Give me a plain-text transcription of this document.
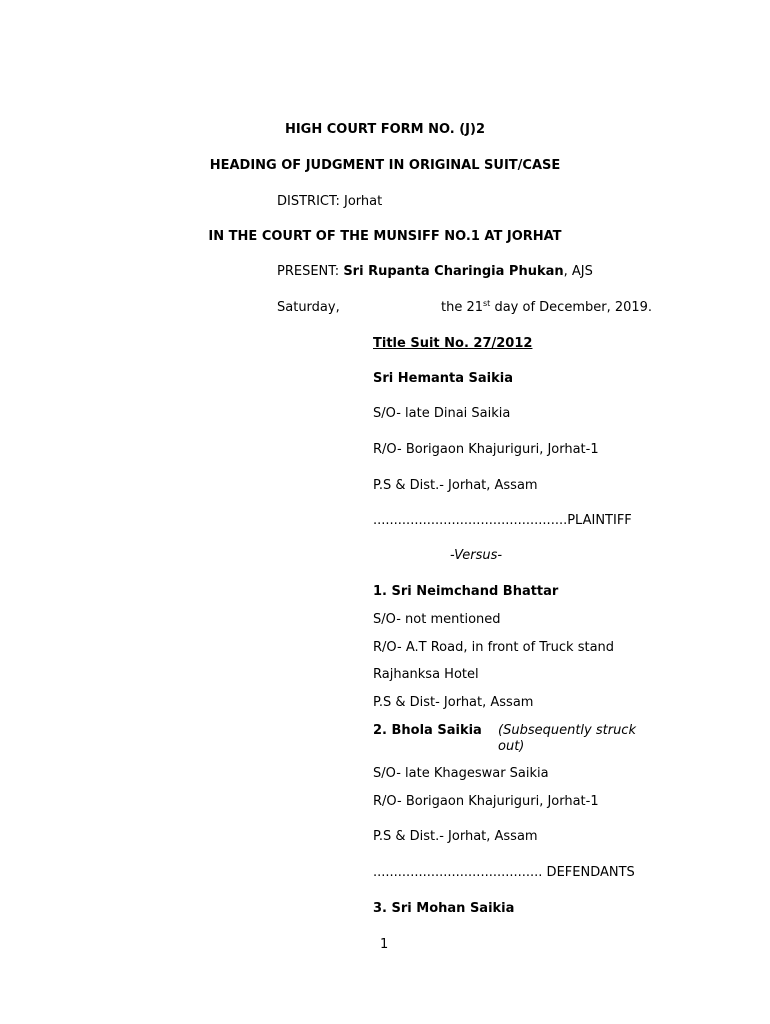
HIGH COURT FORM NO. (J)2
HEADING OF JUDGMENT IN ORIGINAL SUIT/CASE
DISTRICT: Jorhat
IN THE COURT OF THE MUNSIFF NO.1 AT JORHAT
PRESENT: Sri Rupanta Charingia Phukan, AJS
Saturday,	the 21st day of December, 2019.
Title Suit No. 27/2012
Sri Hemanta Saikia
S/O- late Dinai Saikia
R/O- Borigaon Khajuriguri, Jorhat-1
P.S & Dist.- Jorhat, Assam
...............................................PLAINTIFF
-Versus-
1. Sri Neimchand Bhattar
S/O- not mentioned
R/O- A.T Road, in front of Truck stand
Rajhanksa Hotel
P.S & Dist- Jorhat, Assam
2. Bhola Saikia (Subsequently struck
out)
S/O- late Khageswar Saikia
R/O- Borigaon Khajuriguri, Jorhat-1
P.S & Dist.- Jorhat, Assam
......................................... DEFENDANTS
3. Sri Mohan Saikia
1
